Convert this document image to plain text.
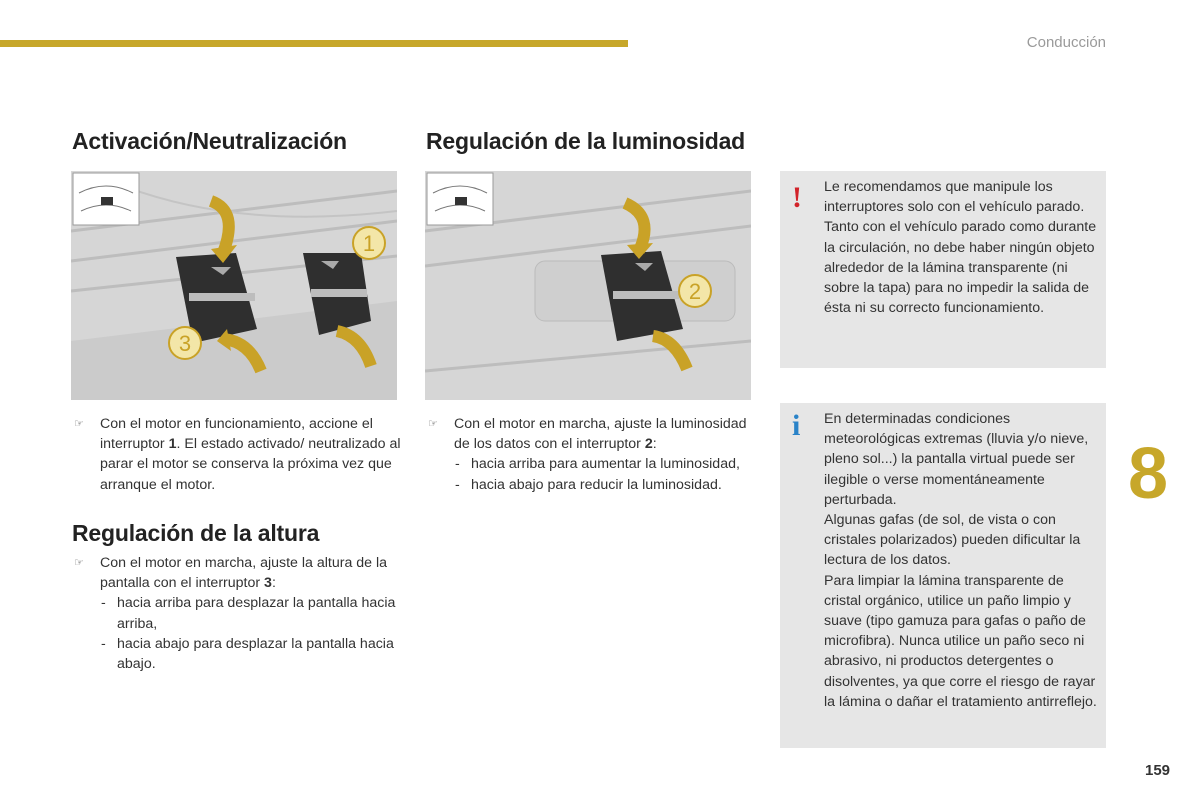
Conducción
8
159
Activación/Neutralización	Regulación de la luminosidad
Regulación de la altura
1
3
2
☞ Con el motor en funcionamiento, accione el interruptor 1. El estado activado/ neutralizado al parar el motor se conserva la próxima vez que arranque el motor.
☞ Con el motor en marcha, ajuste la altura de la pantalla con el interruptor 3:
- hacia arriba para desplazar la pantalla hacia arriba,
- hacia abajo para desplazar la pantalla hacia abajo.
☞ Con el motor en marcha, ajuste la luminosidad de los datos con el interruptor 2:
- hacia arriba para aumentar la luminosidad,
- hacia abajo para reducir la luminosidad.
! Le recomendamos que manipule los interruptores solo con el vehículo parado.
Tanto con el vehículo parado como durante la circulación, no debe haber ningún objeto alrededor de la lámina transparente (ni sobre la tapa) para no impedir la salida de ésta ni su correcto funcionamiento.
i En determinadas condiciones meteorológicas extremas (lluvia y/o nieve, pleno sol...) la pantalla virtual puede ser ilegible o verse momentáneamente perturbada.
Algunas gafas (de sol, de vista o con cristales polarizados) pueden dificultar la lectura de los datos.
Para limpiar la lámina transparente de cristal orgánico, utilice un paño limpio y suave (tipo gamuza para gafas o paño de microfibra). Nunca utilice un paño seco ni abrasivo, ni productos detergentes o disolventes, ya que corre el riesgo de rayar la lámina o dañar el tratamiento antirreflejo.
